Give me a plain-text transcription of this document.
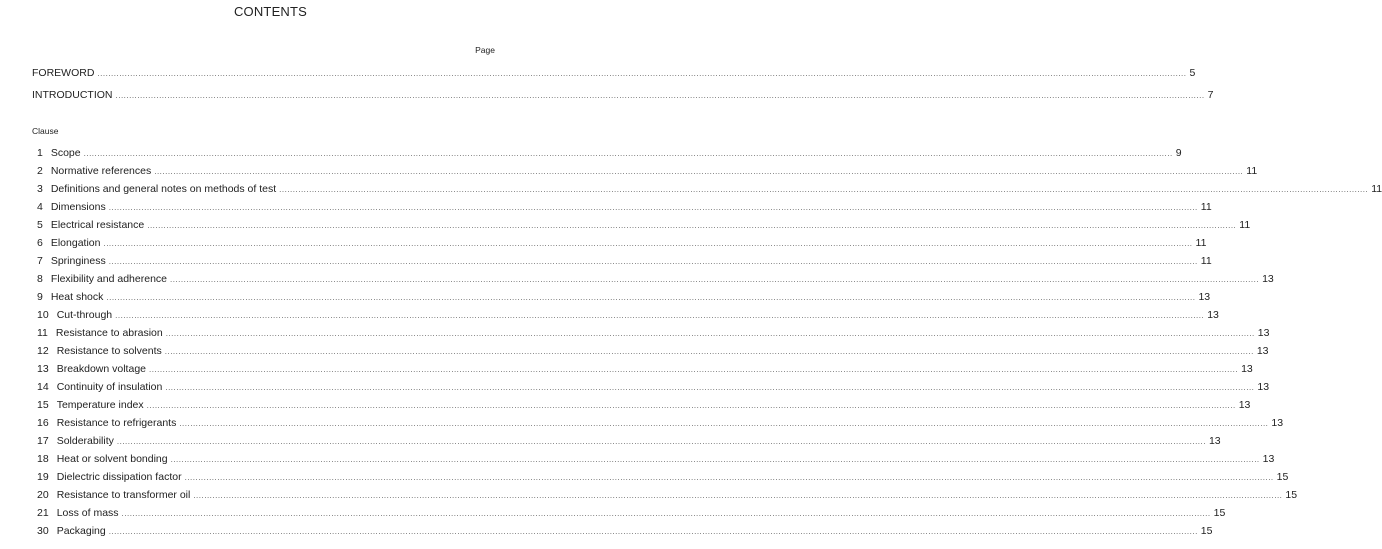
CONTENTS
Page
FOREWORD ................................................................................................................................................................................................................................................................................................................................................................................................................ 5
INTRODUCTION ................................................................................................................................................................................................................................................................................................................................................................................................................ 7
Clause
1 Scope ................................................................................................................................................................................................................................................................................................................................................................................................................ 9
2 Normative references ................................................................................................................................................................................................................................................................................................................................................................................................................ 11
3 Definitions and general notes on methods of test ................................................................................................................................................................................................................................................................................................................................................................................................................ 11
4 Dimensions ................................................................................................................................................................................................................................................................................................................................................................................................................ 11
5 Electrical resistance ................................................................................................................................................................................................................................................................................................................................................................................................................ 11
6 Elongation ................................................................................................................................................................................................................................................................................................................................................................................................................ 11
7 Springiness ................................................................................................................................................................................................................................................................................................................................................................................................................ 11
8 Flexibility and adherence ................................................................................................................................................................................................................................................................................................................................................................................................................ 13
9 Heat shock ................................................................................................................................................................................................................................................................................................................................................................................................................ 13
10 Cut-through ................................................................................................................................................................................................................................................................................................................................................................................................................ 13
11 Resistance to abrasion ................................................................................................................................................................................................................................................................................................................................................................................................................ 13
12 Resistance to solvents ................................................................................................................................................................................................................................................................................................................................................................................................................ 13
13 Breakdown voltage ................................................................................................................................................................................................................................................................................................................................................................................................................ 13
14 Continuity of insulation ................................................................................................................................................................................................................................................................................................................................................................................................................ 13
15 Temperature index ................................................................................................................................................................................................................................................................................................................................................................................................................ 13
16 Resistance to refrigerants ................................................................................................................................................................................................................................................................................................................................................................................................................ 13
17 Solderability ................................................................................................................................................................................................................................................................................................................................................................................................................ 13
18 Heat or solvent bonding ................................................................................................................................................................................................................................................................................................................................................................................................................ 13
19 Dielectric dissipation factor ................................................................................................................................................................................................................................................................................................................................................................................................................ 15
20 Resistance to transformer oil ................................................................................................................................................................................................................................................................................................................................................................................................................ 15
21 Loss of mass ................................................................................................................................................................................................................................................................................................................................................................................................................ 15
30 Packaging ................................................................................................................................................................................................................................................................................................................................................................................................................ 15
